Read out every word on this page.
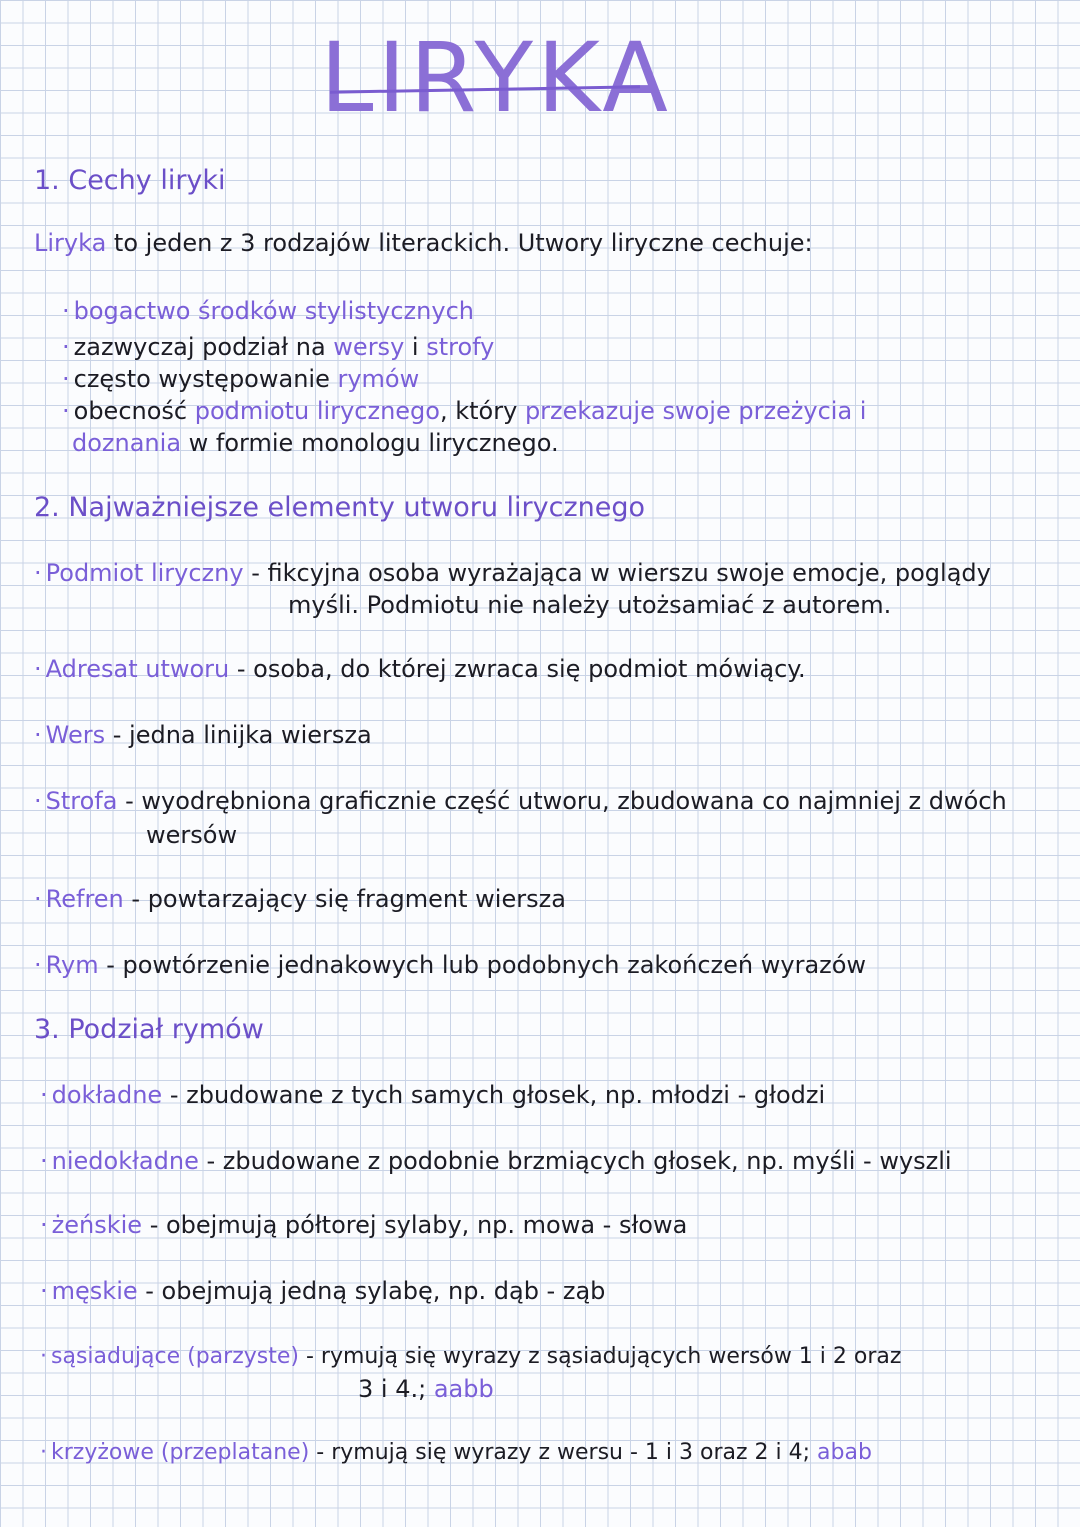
LIRYKA
1. Cechy liryki
Liryka to jeden z 3 rodzajów literackich. Utwory liryczne cechuje:
· bogactwo środków stylistycznych
· zazwyczaj podział na wersy i strofy
· często występowanie rymów
· obecność podmiotu lirycznego, który przekazuje swoje przeżycia i
doznania w formie monologu lirycznego.
2. Najważniejsze elementy utworu lirycznego
· Podmiot liryczny - fikcyjna osoba wyrażająca w wierszu swoje emocje, poglądy
myśli. Podmiotu nie należy utożsamiać z autorem.
· Adresat utworu - osoba, do której zwraca się podmiot mówiący.
· Wers - jedna linijka wiersza
· Strofa - wyodrębniona graficznie część utworu, zbudowana co najmniej z dwóch
wersów
· Refren - powtarzający się fragment wiersza
· Rym - powtórzenie jednakowych lub podobnych zakończeń wyrazów
3. Podział rymów
· dokładne - zbudowane z tych samych głosek, np. młodzi - głodzi
· niedokładne - zbudowane z podobnie brzmiących głosek, np. myśli - wyszli
· żeńskie - obejmują półtorej sylaby, np. mowa - słowa
· męskie - obejmują jedną sylabę, np. dąb - ząb
· sąsiadujące (parzyste) - rymują się wyrazy z sąsiadujących wersów 1 i 2 oraz
3 i 4.; aabb
· krzyżowe (przeplatane) - rymują się wyrazy z wersu - 1 i 3 oraz 2 i 4; abab
